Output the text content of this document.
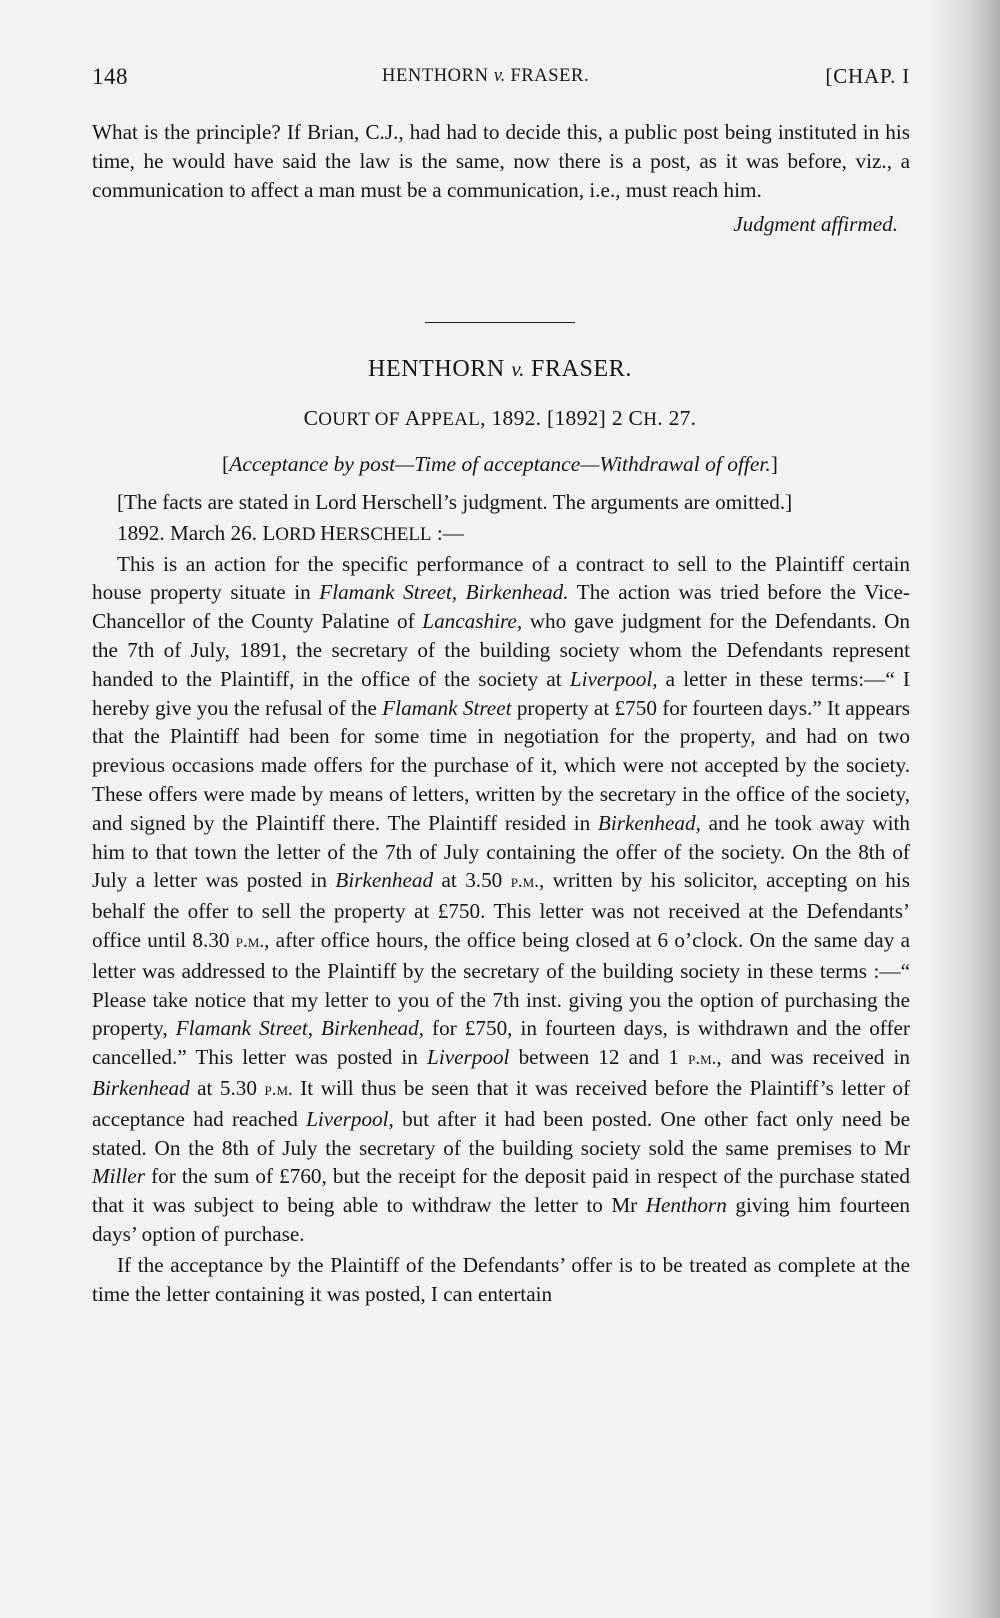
148	HENTHORN v. FRASER.	[CHAP. I

What is the principle? If Brian, C.J., had had to decide this, a public post being instituted in his time, he would have said the law is the same, now there is a post, as it was before, viz., a communication to affect a man must be a communication, i.e., must reach him.

Judgment affirmed.

HENTHORN v. FRASER.
COURT OF APPEAL, 1892. [1892] 2 CH. 27.
[Acceptance by post—Time of acceptance—Withdrawal of offer.]

[The facts are stated in Lord Herschell’s judgment. The arguments are omitted.]

1892. March 26. LORD HERSCHELL :—

This is an action for the specific performance of a contract to sell to the Plaintiff certain house property situate in Flamank Street, Birkenhead. The action was tried before the Vice-Chancellor of the County Palatine of Lancashire, who gave judgment for the Defendants. On the 7th of July, 1891, the secretary of the building society whom the Defendants represent handed to the Plaintiff, in the office of the society at Liverpool, a letter in these terms:—“ I hereby give you the refusal of the Flamank Street property at £750 for fourteen days.” It appears that the Plaintiff had been for some time in negotiation for the property, and had on two previous occasions made offers for the purchase of it, which were not accepted by the society. These offers were made by means of letters, written by the secretary in the office of the society, and signed by the Plaintiff there. The Plaintiff resided in Birkenhead, and he took away with him to that town the letter of the 7th of July containing the offer of the society. On the 8th of July a letter was posted in Birkenhead at 3.50 p.m., written by his solicitor, accepting on his behalf the offer to sell the property at £750. This letter was not received at the Defendants’ office until 8.30 p.m., after office hours, the office being closed at 6 o’clock. On the same day a letter was addressed to the Plaintiff by the secretary of the building society in these terms :—“ Please take notice that my letter to you of the 7th inst. giving you the option of purchasing the property, Flamank Street, Birkenhead, for £750, in fourteen days, is withdrawn and the offer cancelled.” This letter was posted in Liverpool between 12 and 1 p.m., and was received in Birkenhead at 5.30 p.m. It will thus be seen that it was received before the Plaintiff’s letter of acceptance had reached Liverpool, but after it had been posted. One other fact only need be stated. On the 8th of July the secretary of the building society sold the same premises to Mr Miller for the sum of £760, but the receipt for the deposit paid in respect of the purchase stated that it was subject to being able to withdraw the letter to Mr Henthorn giving him fourteen days’ option of purchase.

If the acceptance by the Plaintiff of the Defendants’ offer is to be treated as complete at the time the letter containing it was posted, I can entertain
